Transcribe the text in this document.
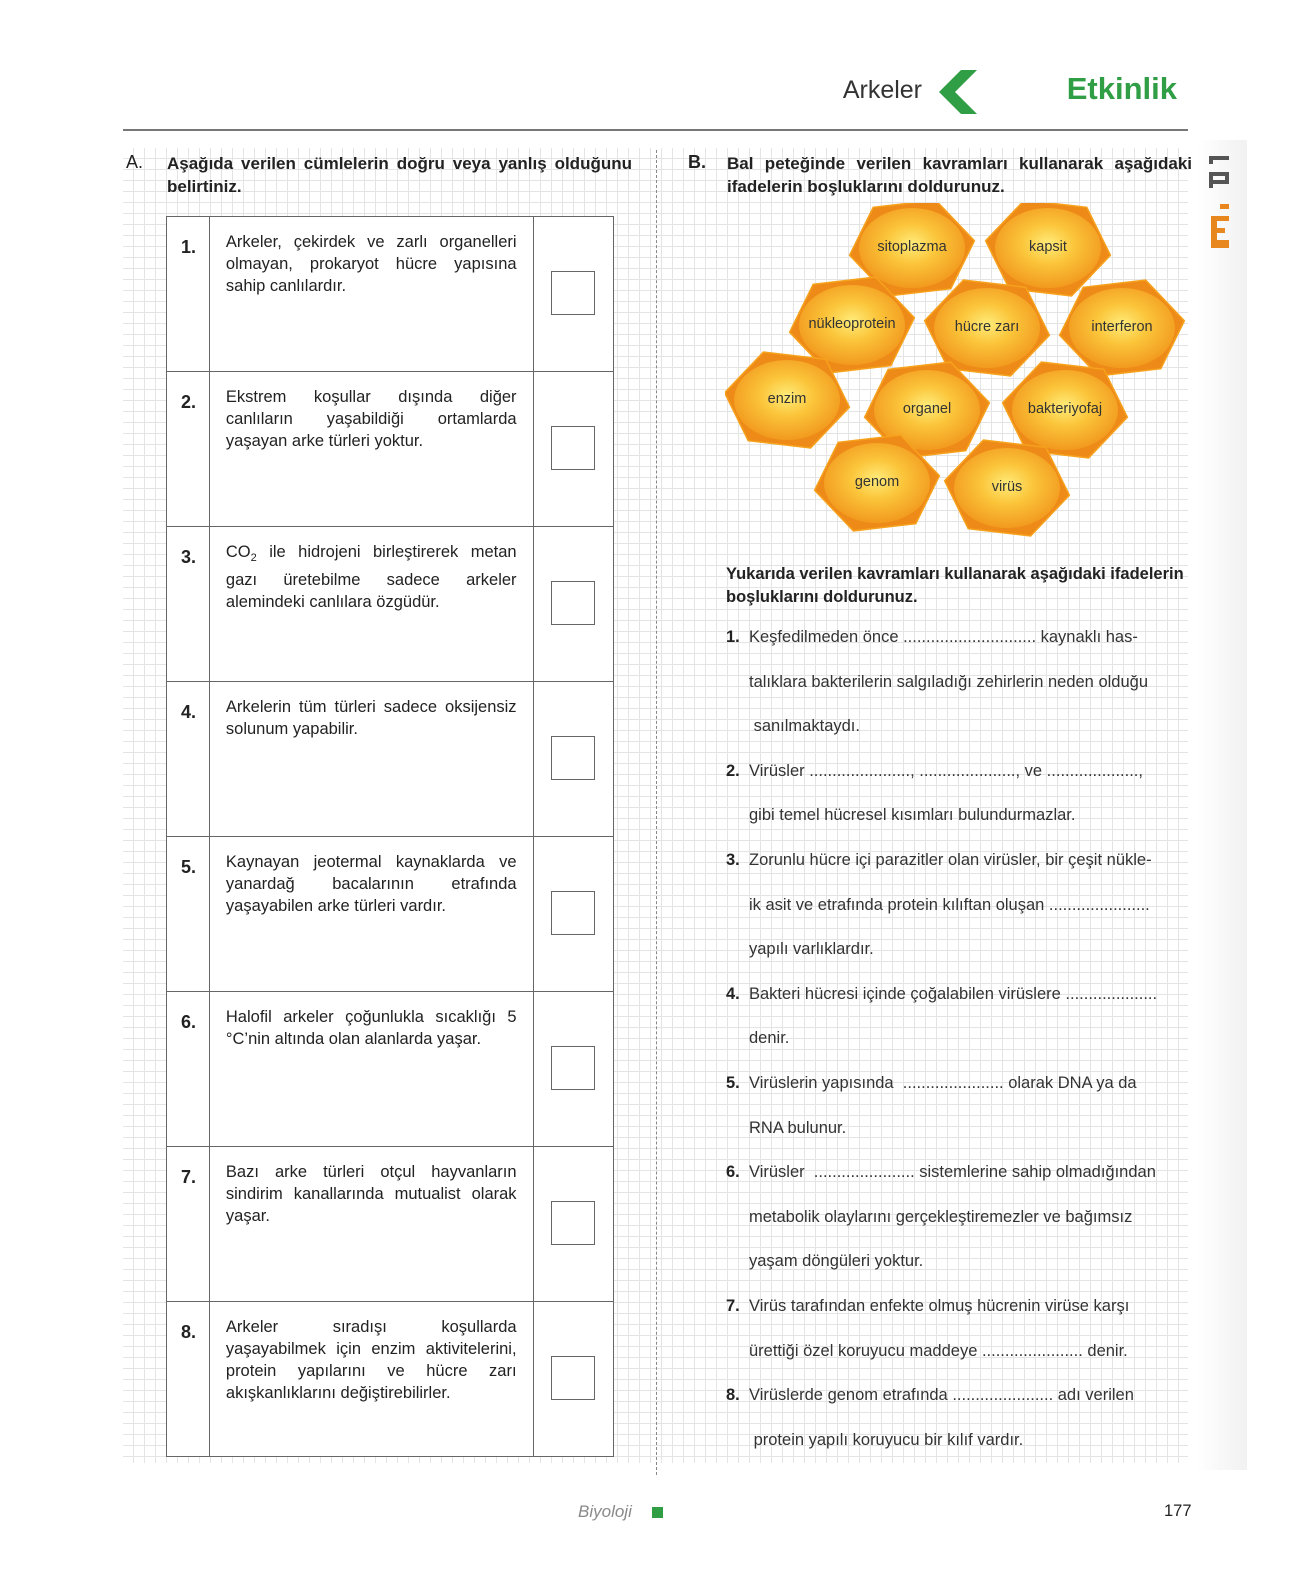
Arkeler	Etkinlik
Fasikül 16
A. Aşağıda verilen cümlelerin doğru veya yanlış olduğunu belirtiniz.
1.	Arkeler, çekirdek ve zarlı organelleri olmayan, prokaryot hücre yapısına sahip canlılardır.	

2.	Ekstrem koşullar dışında diğer canlıların yaşabildiği ortamlarda yaşayan arke türleri yoktur.	

3.	$CO_2$ ile hidrojeni birleştirerek metan gazı üretebilme sadece arkeler alemindeki canlılara özgüdür.	

4.	Arkelerin tüm türleri sadece oksijensiz solunum yapabilir.	

5.	Kaynayan jeotermal kaynaklarda ve yanardağ bacalarının etrafında yaşayabilen arke türleri vardır.	

6.	Halofil arkeler çoğunlukla sıcaklığı 5 °C’nin altında olan alanlarda yaşar.	

7.	Bazı arke türleri otçul hayvanların sindirim kanallarında mutualist olarak yaşar.	

8.	Arkeler sıradışı koşullarda yaşayabilmek için enzim aktivitelerini, protein yapılarını ve hücre zarı akışkanlıklarını değiştirebilirler.	
B. Bal peteğinde verilen kavramları kullanarak aşağıdaki ifadelerin boşluklarını doldurunuz.
sitoplazma	kapsit
nükleoprotein	hücre zarı	interferon
enzim
organel	bakteriyofaj
genom	virüs
Yukarıda verilen kavramları kullanarak aşağıdaki ifadelerin boşluklarını doldurunuz.
1. Keşfedilmeden önce ............................. kaynaklı has-
talıklara bakterilerin salgıladığı zehirlerin neden olduğu
sanılmaktaydı.
2. Virüsler ......................, ....................., ve ....................,
gibi temel hücresel kısımları bulundurmazlar.
3. Zorunlu hücre içi parazitler olan virüsler, bir çeşit nükle-
ik asit ve etrafında protein kılıftan oluşan ......................
yapılı varlıklardır.
4. Bakteri hücresi içinde çoğalabilen virüslere ....................
denir.
5. Virüslerin yapısında  ...................... olarak DNA ya da
RNA bulunur.
6. Virüsler  ...................... sistemlerine sahip olmadığından
metabolik olaylarını gerçekleştiremezler ve bağımsız
yaşam döngüleri yoktur.
7. Virüs tarafından enfekte olmuş hücrenin virüse karşı
ürettiği özel koruyucu maddeye ...................... denir.
8. Virüslerde genom etrafında ...................... adı verilen
protein yapılı koruyucu bir kılıf vardır.
Biyoloji	177
